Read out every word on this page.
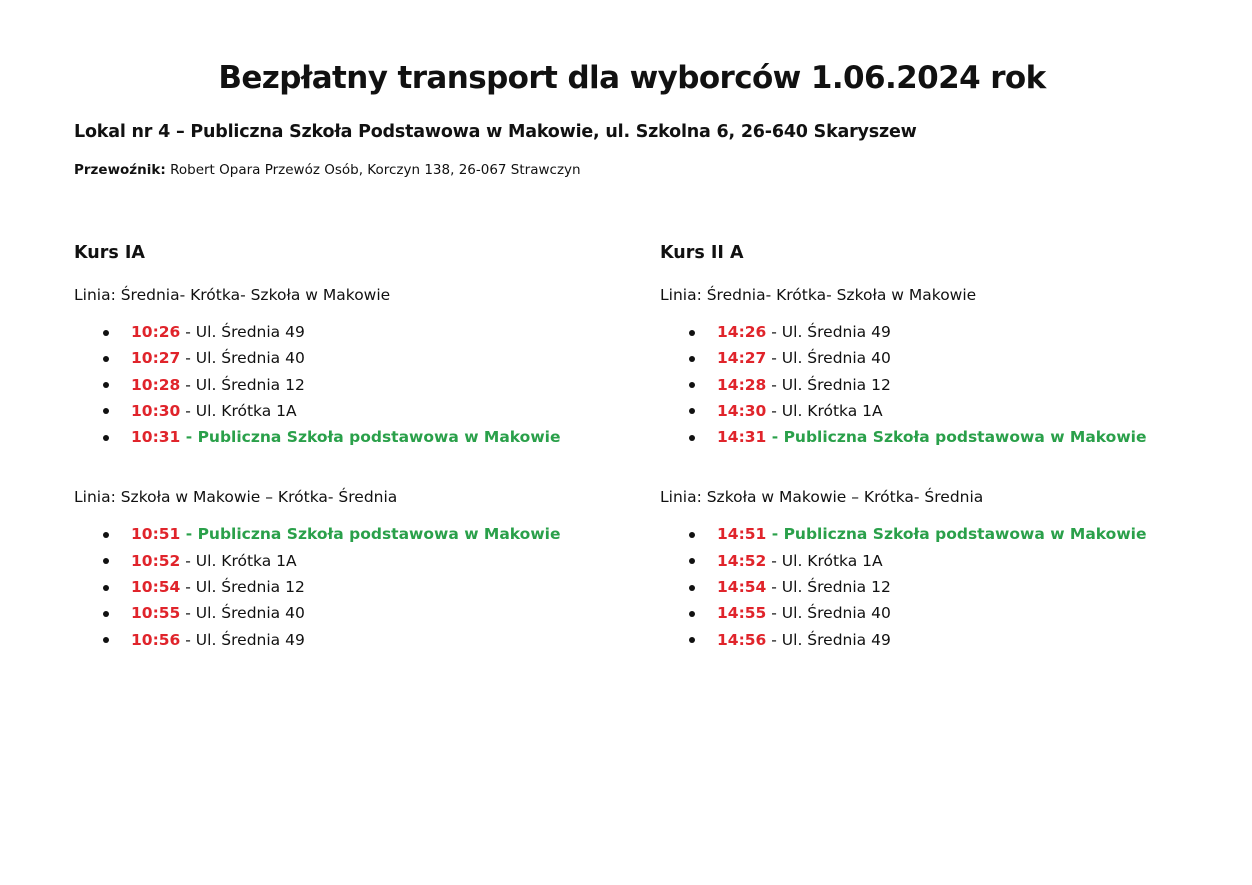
Bezpłatny transport dla wyborców 1.06.2024 rok

Lokal nr 4 – Publiczna Szkoła Podstawowa w Makowie, ul. Szkolna 6, 26-640 Skaryszew

Przewoźnik: Robert Opara Przewóz Osób, Korczyn 138, 26-067 Strawczyn

Kurs IA

Linia: Średnia- Krótka- Szkoła w Makowie

10:26 - Ul. Średnia 49
10:27 - Ul. Średnia 40
10:28 - Ul. Średnia 12
10:30 - Ul. Krótka 1A
10:31 - Publiczna Szkoła podstawowa w Makowie

Linia: Szkoła w Makowie – Krótka- Średnia

10:51 - Publiczna Szkoła podstawowa w Makowie
10:52 - Ul. Krótka 1A
10:54 - Ul. Średnia 12
10:55 - Ul. Średnia 40
10:56 - Ul. Średnia 49

Kurs II A

Linia: Średnia- Krótka- Szkoła w Makowie

14:26 - Ul. Średnia 49
14:27 - Ul. Średnia 40
14:28 - Ul. Średnia 12
14:30 - Ul. Krótka 1A
14:31 - Publiczna Szkoła podstawowa w Makowie

Linia: Szkoła w Makowie – Krótka- Średnia

14:51 - Publiczna Szkoła podstawowa w Makowie
14:52 - Ul. Krótka 1A
14:54 - Ul. Średnia 12
14:55 - Ul. Średnia 40
14:56 - Ul. Średnia 49
